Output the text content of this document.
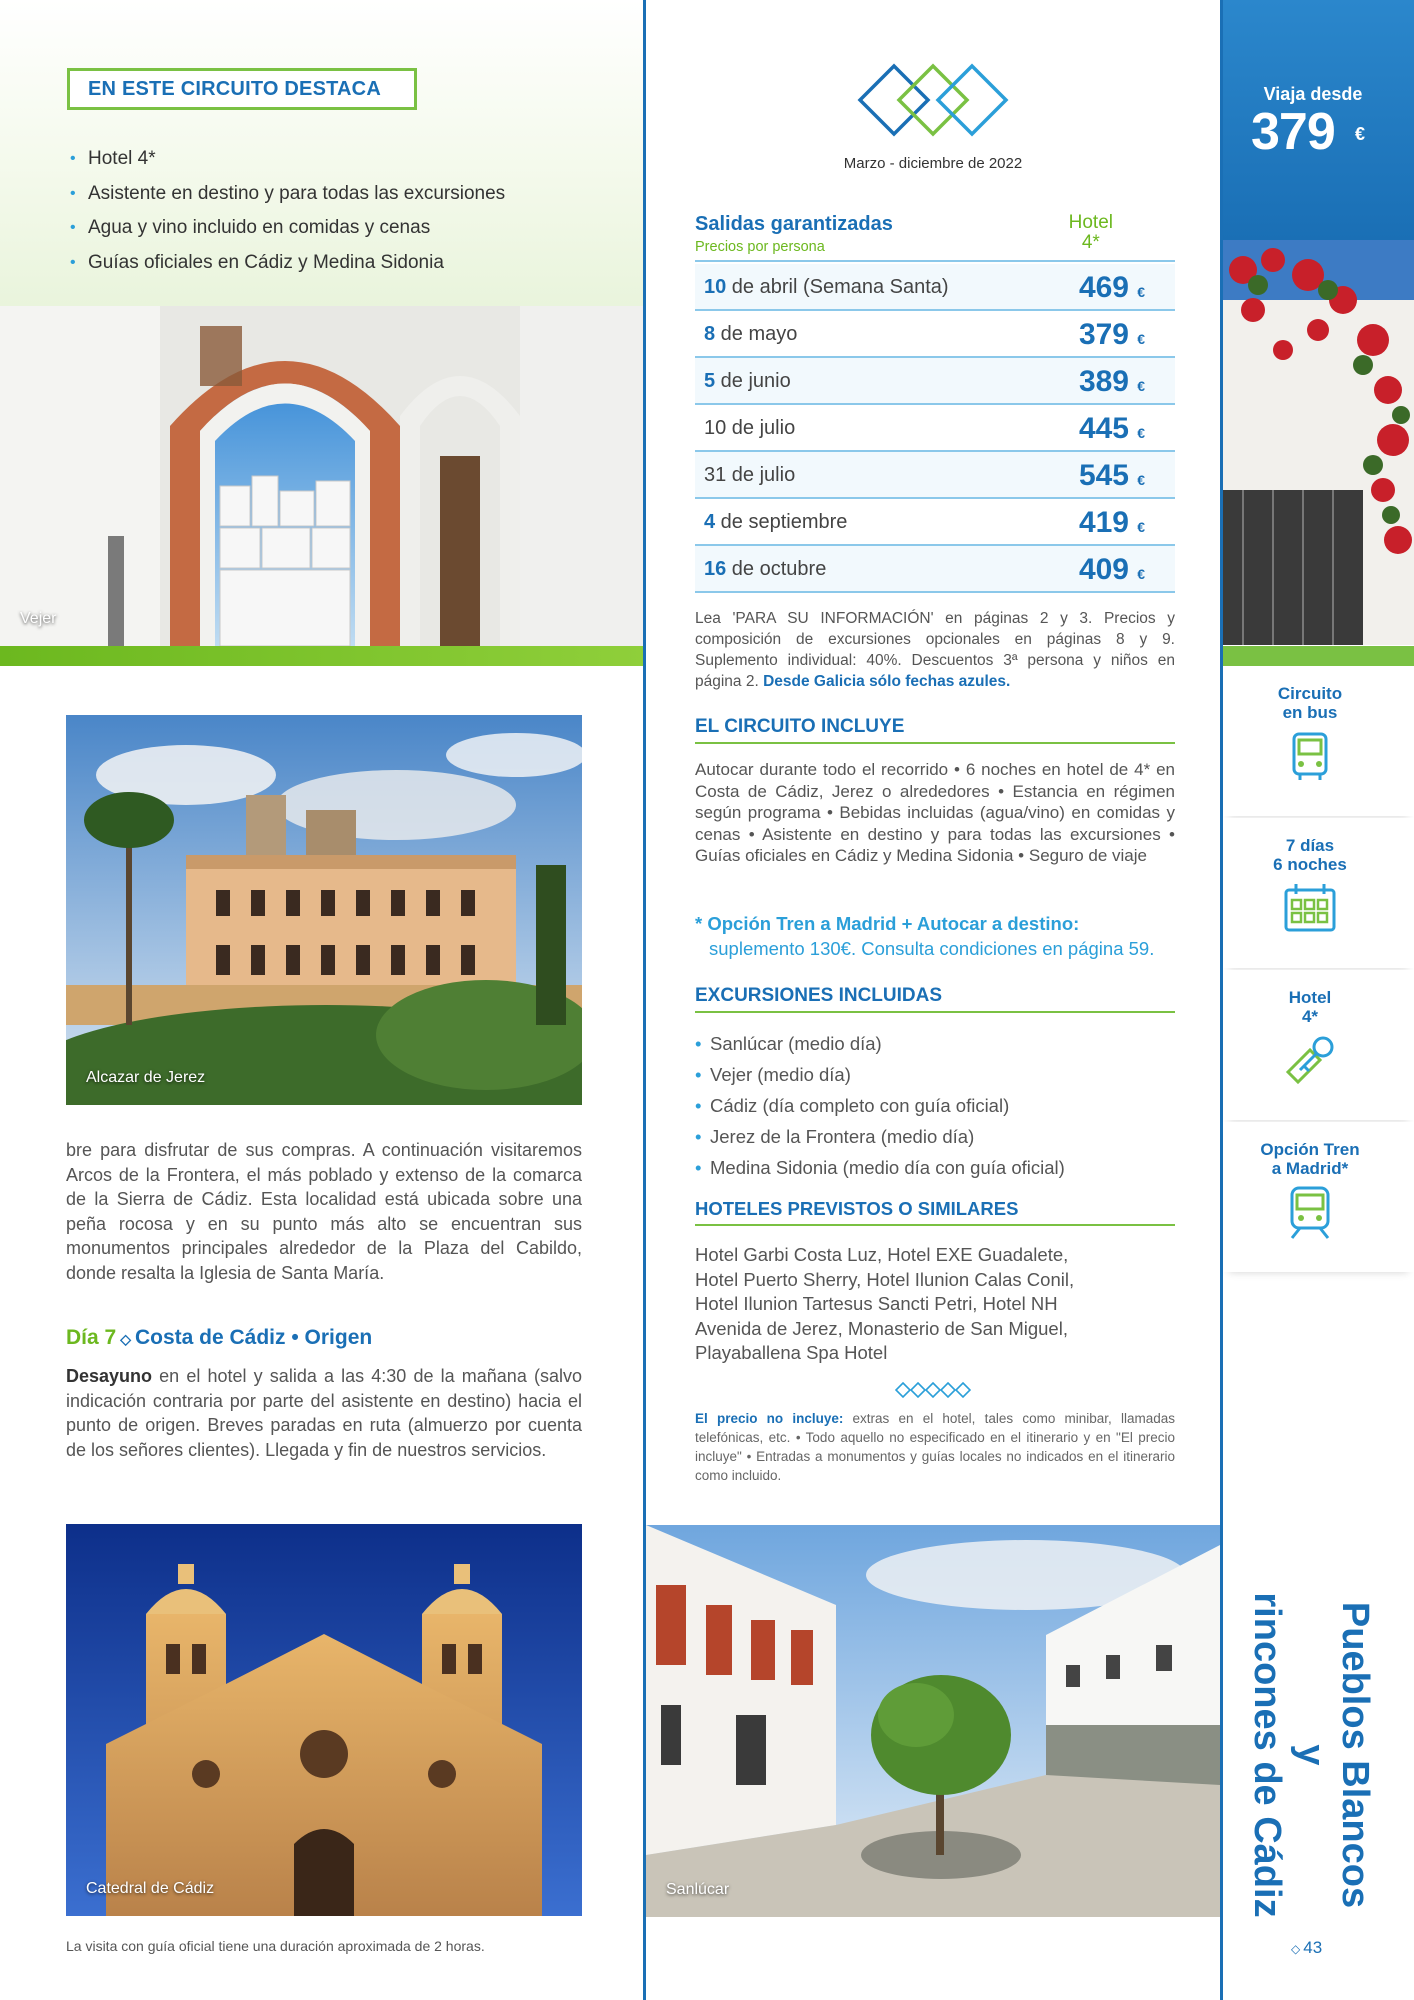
EN ESTE CIRCUITO DESTACA
• Hotel 4*
• Asistente en destino y para todas las excursiones
• Agua y vino incluido en comidas y cenas
• Guías oficiales en Cádiz y Medina Sidonia
Vejer
Alcazar de Jerez

bre para disfrutar de sus compras. A continuación visitaremos Arcos de la Frontera, el más poblado y extenso de la comarca de la Sierra de Cádiz. Esta localidad está ubicada sobre una peña rocosa y en su punto más alto se encuentran sus monumentos principales alrededor de la Plaza del Cabildo, donde resalta la Iglesia de Santa María.

Día 7 ◇ Costa de Cádiz • Origen

Desayuno en el hotel y salida a las 4:30 de la mañana (salvo indicación contraria por parte del asistente en destino) hacia el punto de origen. Breves paradas en ruta (almuerzo por cuenta de los señores clientes). Llegada y fin de nuestros servicios.

Catedral de Cádiz
La visita con guía oficial tiene una duración aproximada de 2 horas.
Marzo - diciembre de 2022
Salidas garantizadas
Precios por persona
Hotel
4*
10 de abril (Semana Santa)	469 €
8 de mayo	379 €
5 de junio	389 €
10 de julio	445 €
31 de julio	545 €
4 de septiembre	419 €
16 de octubre	409 €

Lea 'PARA SU INFORMACIÓN' en páginas 2 y 3. Precios y composición de excursiones opcionales en páginas 8 y 9. Suplemento individual: 40%. Descuentos 3ª persona y niños en página 2. Desde Galicia sólo fechas azules.

EL CIRCUITO INCLUYE

Autocar durante todo el recorrido • 6 noches en hotel de 4* en Costa de Cádiz, Jerez o alrededores • Estancia en régimen según programa • Bebidas incluidas (agua/vino) en comidas y cenas • Asistente en destino y para todas las excursiones • Guías oficiales en Cádiz y Medina Sidonia • Seguro de viaje

* Opción Tren a Madrid + Autocar a destino:
suplemento 130€. Consulta condiciones en página 59.
EXCURSIONES INCLUIDAS
• Sanlúcar (medio día)
• Vejer (medio día)
• Cádiz (día completo con guía oficial)
• Jerez de la Frontera (medio día)
• Medina Sidonia (medio día con guía oficial)
HOTELES PREVISTOS O SIMILARES
Hotel Garbi Costa Luz, Hotel EXE Guadalete,
Hotel Puerto Sherry, Hotel Ilunion Calas Conil,
Hotel Ilunion Tartesus Sancti Petri, Hotel NH
Avenida de Jerez, Monasterio de San Miguel,
Playaballena Spa Hotel

El precio no incluye: extras en el hotel, tales como minibar, llamadas telefónicas, etc. • Todo aquello no especificado en el itinerario y en "El precio incluye" • Entradas a monumentos y guías locales no indicados en el itinerario como incluido.

Sanlúcar
Viaja desde
379 €
Circuito
en bus
7 días
6 noches
Hotel
4*
Opción Tren
a Madrid*
Pueblos Blancos y
rincones de Cádiz
◇ 43
